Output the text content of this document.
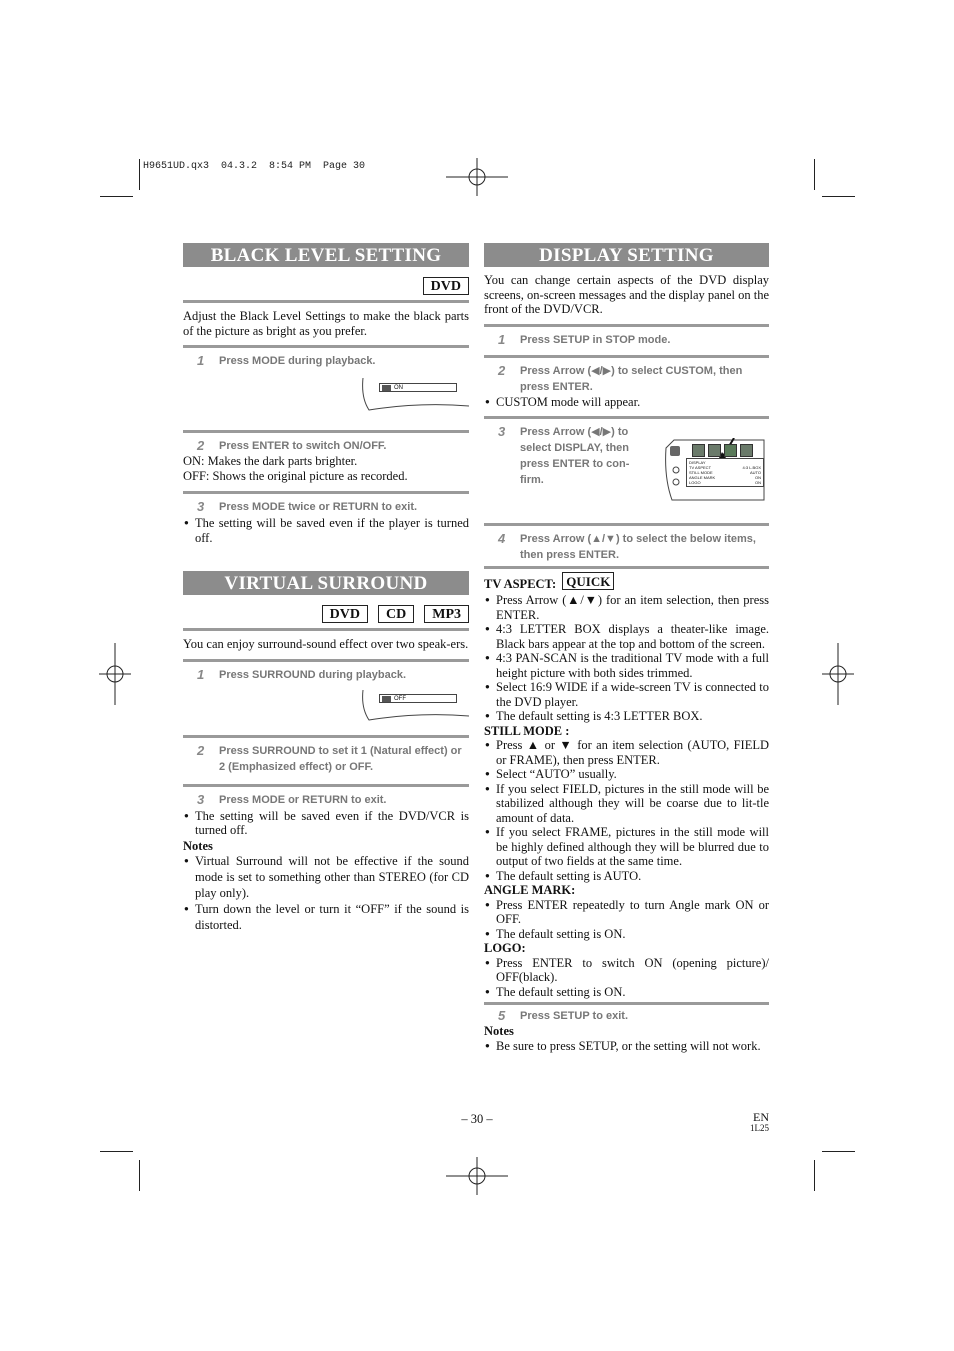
H9651UD.qx3  04.3.2  8:54 PM  Page 30
BLACK LEVEL SETTING
DVD
Adjust the Black Level Settings to make the black parts of the picture as bright as you prefer.
1 Press MODE during playback.
ON
2 Press ENTER to switch ON/OFF.
ON: Makes the dark parts brighter.
OFF: Shows the original picture as recorded.
3 Press MODE twice or RETURN to exit.
● The setting will be saved even if the player is turned off.
VIRTUAL SURROUND
DVD CD MP3
You can enjoy surround-sound effect over two speak-ers.
1 Press SURROUND during playback.
OFF
2 Press SURROUND to set it 1 (Natural effect) or 2 (Emphasized effect) or OFF.
3 Press MODE or RETURN to exit.
● The setting will be saved even if the DVD/VCR is turned off.
Notes
● Virtual Surround will not be effective if the sound mode is set to something other than STEREO (for CD play only).
● Turn down the level or turn it “OFF” if the sound is distorted.
DISPLAY SETTING
You can change certain aspects of the DVD display screens, on-screen messages and the display panel on the front of the DVD/VCR.
1 Press SETUP in STOP mode.
2 Press Arrow (◀/▶) to select CUSTOM, then press ENTER.
● CUSTOM mode will appear.
3 Press Arrow (◀/▶) to select DISPLAY, then press ENTER to con-firm.
DISPLAY
TV ASPECT	4:3 L.BOX
STILL MODE	AUTO
ANGLE MARK	ON
LOGO	ON
4 Press Arrow (▲/▼) to select the below items, then press ENTER.
TV ASPECT: QUICK
● Press Arrow (▲/▼) for an item selection, then press ENTER.
● 4:3 LETTER BOX displays a theater-like image. Black bars appear at the top and bottom of the screen.
● 4:3 PAN-SCAN is the traditional TV mode with a full height picture with both sides trimmed.
● Select 16:9 WIDE if a wide-screen TV is connected to the DVD player.
● The default setting is 4:3 LETTER BOX.
STILL MODE :
● Press ▲ or ▼ for an item selection (AUTO, FIELD or FRAME), then press ENTER.
● Select “AUTO” usually.
● If you select FIELD, pictures in the still mode will be stabilized although they will be coarse due to lit-tle amount of data.
● If you select FRAME, pictures in the still mode will be highly defined although they will be blurred due to output of two fields at the same time.
● The default setting is AUTO.
ANGLE MARK:
● Press ENTER repeatedly to turn Angle mark ON or OFF.
● The default setting is ON.
LOGO:
● Press ENTER to switch ON (opening picture)/ OFF(black).
● The default setting is ON.
5 Press SETUP to exit.
Notes
● Be sure to press SETUP, or the setting will not work.
– 30 –	EN
1L25
